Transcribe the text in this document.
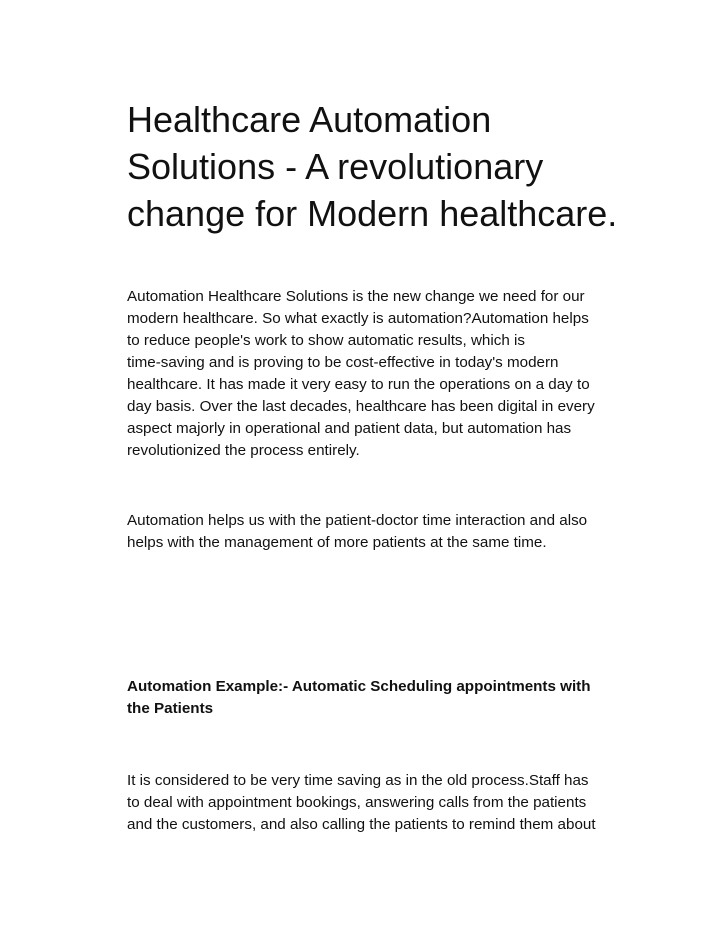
Healthcare Automation
Solutions - A revolutionary
change for Modern healthcare.

Automation Healthcare Solutions is the new change we need for our
modern healthcare. So what exactly is automation?Automation helps
to reduce people's work to show automatic results, which is
time-saving and is proving to be cost-effective in today's modern
healthcare. It has made it very easy to run the operations on a day to
day basis. Over the last decades, healthcare has been digital in every
aspect majorly in operational and patient data, but automation has
revolutionized the process entirely.

Automation helps us with the patient-doctor time interaction and also
helps with the management of more patients at the same time.

Automation Example:- Automatic Scheduling appointments with
the Patients

It is considered to be very time saving as in the old process.Staff has
to deal with appointment bookings, answering calls from the patients
and the customers, and also calling the patients to remind them about
